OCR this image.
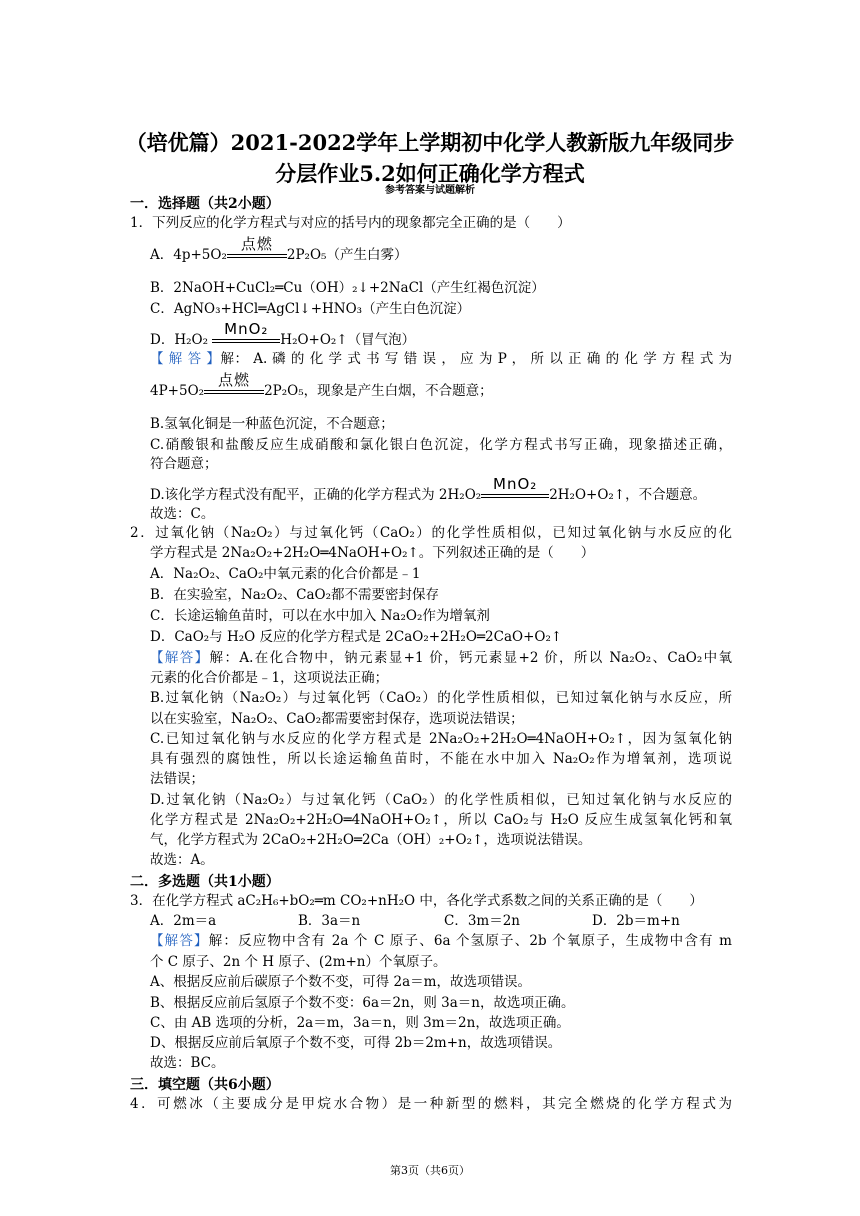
（培优篇）2021-2022学年上学期初中化学人教新版九年级同步
分层作业5.2如何正确化学方程式
参考答案与试题解析
一．选择题（共2小题）
1．下列反应的化学方程式与对应的括号内的现象都完全正确的是（　　）
A．4p+5O₂
点燃
2P₂O₅（产生白雾）
B．2NaOH+CuCl₂═Cu（OH）₂↓+2NaCl（产生红褐色沉淀）
C．AgNO₃+HCl═AgCl↓+HNO₃（产生白色沉淀）
D．H₂O₂
MnO₂
H₂O+O₂↑（冒气泡）
【 解 答 】解： A. 磷 的 化 学 式 书 写 错 误 ， 应 为 P ， 所 以 正 确 的 化 学 方 程 式 为
4P+5O₂
点燃
2P₂O₅，现象是产生白烟，不合题意；
B.氢氧化铜是一种蓝色沉淀，不合题意；
C.硝酸银和盐酸反应生成硝酸和氯化银白色沉淀，化学方程式书写正确，现象描述正确，
符合题意；
D.该化学方程式没有配平，正确的化学方程式为 2H₂O₂
MnO₂
2H₂O+O₂↑，不合题意。
故选：C。
2．过氧化钠（Na₂O₂）与过氧化钙（CaO₂）的化学性质相似，已知过氧化钠与水反应的化
学方程式是 2Na₂O₂+2H₂O═4NaOH+O₂↑。下列叙述正确的是（　　）
A．Na₂O₂、CaO₂中氧元素的化合价都是﹣1
B．在实验室，Na₂O₂、CaO₂都不需要密封保存
C．长途运输鱼苗时，可以在水中加入 Na₂O₂作为增氧剂
D．CaO₂与 H₂O 反应的化学方程式是 2CaO₂+2H₂O═2CaO+O₂↑
【解答】解：A.在化合物中，钠元素显+1 价，钙元素显+2 价，所以 Na₂O₂、CaO₂中氧
元素的化合价都是﹣1，这项说法正确；
B.过氧化钠（Na₂O₂）与过氧化钙（CaO₂）的化学性质相似，已知过氧化钠与水反应，所
以在实验室，Na₂O₂、CaO₂都需要密封保存，选项说法错误；
C.已知过氧化钠与水反应的化学方程式是 2Na₂O₂+2H₂O═4NaOH+O₂↑，因为氢氧化钠
具有强烈的腐蚀性，所以长途运输鱼苗时，不能在水中加入 Na₂O₂作为增氧剂，选项说
法错误；
D.过氧化钠（Na₂O₂）与过氧化钙（CaO₂）的化学性质相似，已知过氧化钠与水反应的
化学方程式是 2Na₂O₂+2H₂O═4NaOH+O₂↑，所以 CaO₂与 H₂O 反应生成氢氧化钙和氧
气，化学方程式为 2CaO₂+2H₂O═2Ca（OH）₂+O₂↑，选项说法错误。
故选：A。
二．多选题（共1小题）
3．在化学方程式 aC₂H₆+bO₂═m CO₂+nH₂O 中，各化学式系数之间的关系正确的是（　　）
A．2m＝a	B．3a＝n	C．3m＝2n	D．2b＝m+n
【解答】解：反应物中含有 2a 个 C 原子、6a 个氢原子、2b 个氧原子，生成物中含有 m
个 C 原子、2n 个 H 原子、(2m+n）个氧原子。
A、根据反应前后碳原子个数不变，可得 2a＝m，故选项错误。
B、根据反应前后氢原子个数不变：6a＝2n，则 3a＝n，故选项正确。
C、由 AB 选项的分析，2a＝m，3a＝n，则 3m＝2n，故选项正确。
D、根据反应前后氧原子个数不变，可得 2b＝2m+n，故选项错误。
故选：BC。
三．填空题（共6小题）
4．可燃冰（主要成分是甲烷水合物）是一种新型的燃料，其完全燃烧的化学方程式为
第3页（共6页）
